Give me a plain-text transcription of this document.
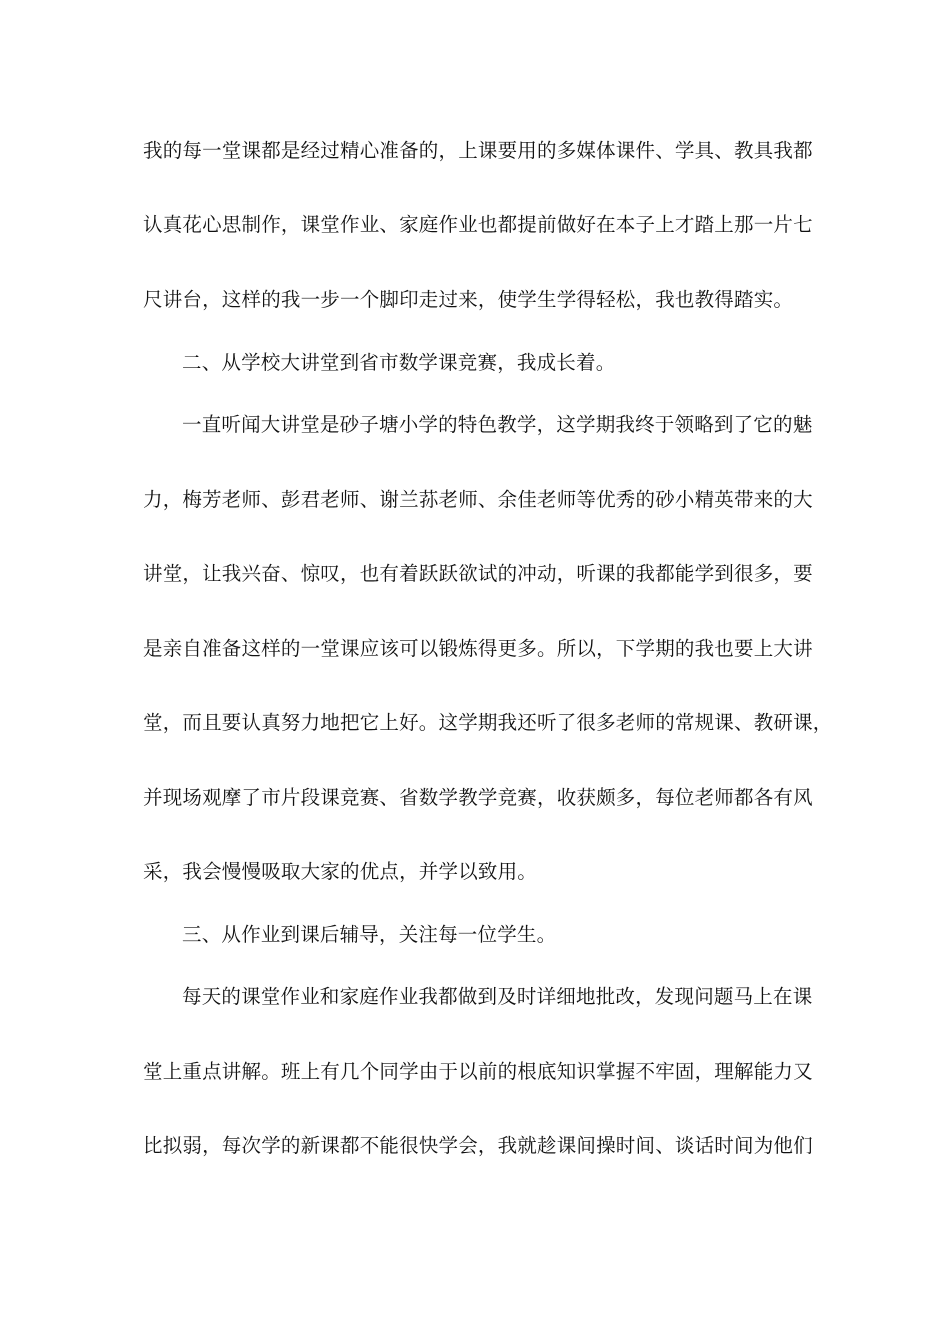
我的每一堂课都是经过精心准备的，上课要用的多媒体课件、学具、教具我都
认真花心思制作，课堂作业、家庭作业也都提前做好在本子上才踏上那一片七
尺讲台，这样的我一步一个脚印走过来，使学生学得轻松，我也教得踏实。
二、从学校大讲堂到省市数学课竞赛，我成长着。
一直听闻大讲堂是砂子塘小学的特色教学，这学期我终于领略到了它的魅
力，梅芳老师、彭君老师、谢兰荪老师、余佳老师等优秀的砂小精英带来的大
讲堂，让我兴奋、惊叹，也有着跃跃欲试的冲动，听课的我都能学到很多，要
是亲自准备这样的一堂课应该可以锻炼得更多。所以，下学期的我也要上大讲
堂，而且要认真努力地把它上好。这学期我还听了很多老师的常规课、教研课，
并现场观摩了市片段课竞赛、省数学教学竞赛，收获颇多，每位老师都各有风
采，我会慢慢吸取大家的优点，并学以致用。
三、从作业到课后辅导，关注每一位学生。
每天的课堂作业和家庭作业我都做到及时详细地批改，发现问题马上在课
堂上重点讲解。班上有几个同学由于以前的根底知识掌握不牢固，理解能力又
比拟弱，每次学的新课都不能很快学会，我就趁课间操时间、谈话时间为他们
